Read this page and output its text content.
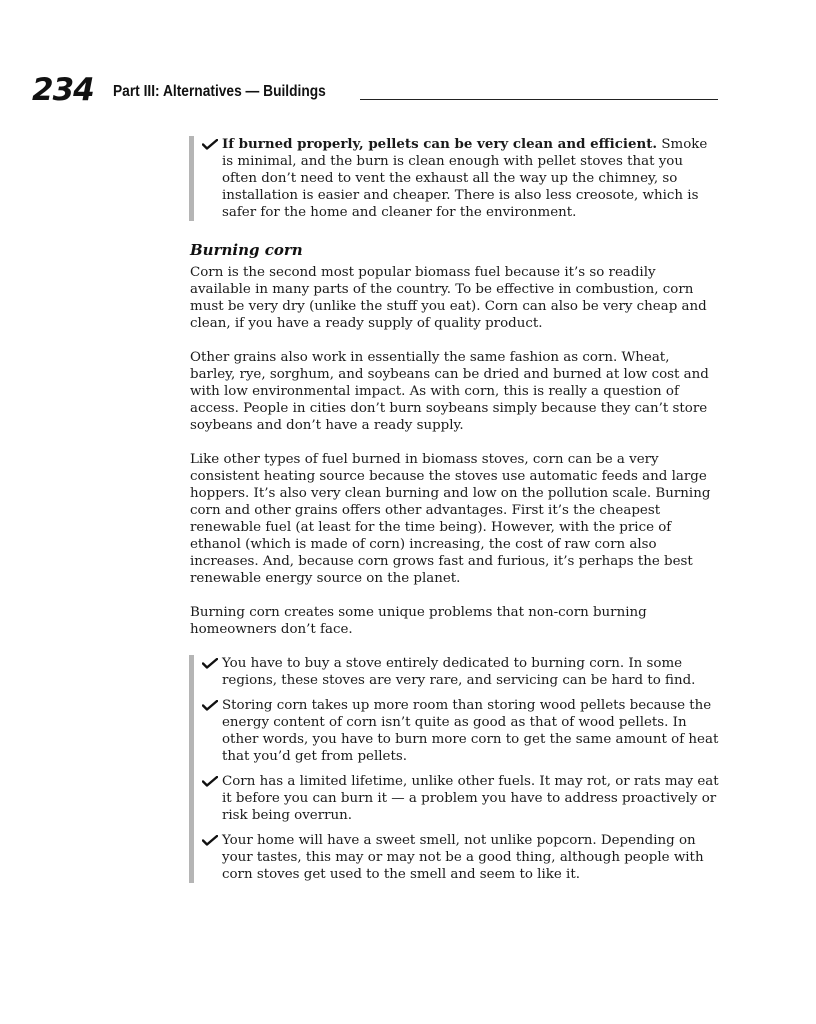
234 Part III: Alternatives — Buildings
If burned properly, pellets can be very clean and efficient. Smoke is minimal, and the burn is clean enough with pellet stoves that you often don’t need to vent the exhaust all the way up the chimney, so installation is easier and cheaper. There is also less creosote, which is safer for the home and cleaner for the environment.
Burning corn

Corn is the second most popular biomass fuel because it’s so readily available in many parts of the country. To be effective in combustion, corn must be very dry (unlike the stuff you eat). Corn can also be very cheap and clean, if you have a ready supply of quality product.

Other grains also work in essentially the same fashion as corn. Wheat, barley, rye, sorghum, and soybeans can be dried and burned at low cost and with low environmental impact. As with corn, this is really a question of access. People in cities don’t burn soybeans simply because they can’t store soybeans and don’t have a ready supply.

Like other types of fuel burned in biomass stoves, corn can be a very consistent heating source because the stoves use automatic feeds and large hoppers. It’s also very clean burning and low on the pollution scale. Burning corn and other grains offers other advantages. First it’s the cheapest renewable fuel (at least for the time being). However, with the price of ethanol (which is made of corn) increasing, the cost of raw corn also increases. And, because corn grows fast and furious, it’s perhaps the best renewable energy source on the planet.

Burning corn creates some unique problems that non-corn burning homeowners don’t face.

You have to buy a stove entirely dedicated to burning corn. In some regions, these stoves are very rare, and servicing can be hard to find.
Storing corn takes up more room than storing wood pellets because the energy content of corn isn’t quite as good as that of wood pellets. In other words, you have to burn more corn to get the same amount of heat that you’d get from pellets.
Corn has a limited lifetime, unlike other fuels. It may rot, or rats may eat it before you can burn it — a problem you have to address proactively or risk being overrun.
Your home will have a sweet smell, not unlike popcorn. Depending on your tastes, this may or may not be a good thing, although people with corn stoves get used to the smell and seem to like it.
